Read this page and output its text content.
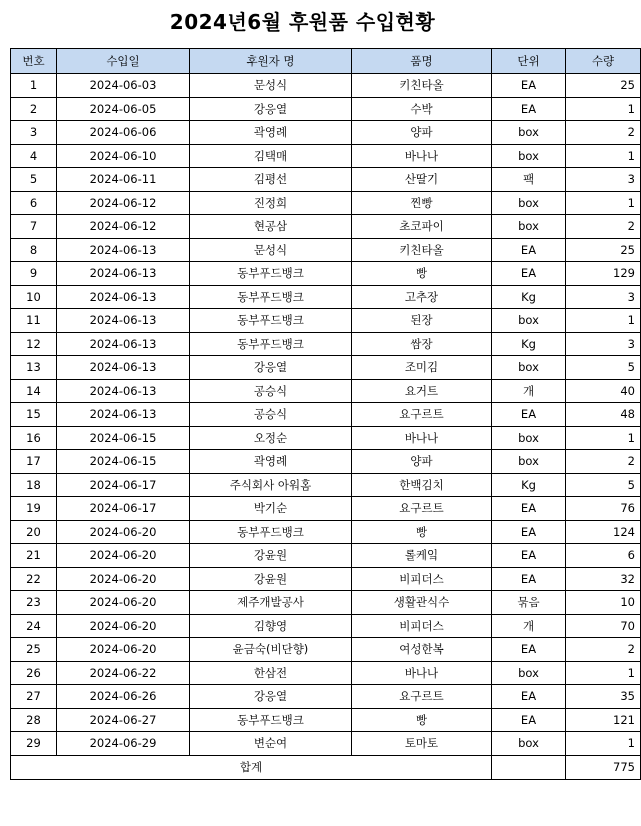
2024년6월 후원품 수입현황
번호	수입일	후원자 명	품명	단위	수량
1	2024-06-03	문성식	키친타올	EA	25
2	2024-06-05	강응열	수박	EA	1
3	2024-06-06	곽영례	양파	box	2
4	2024-06-10	김택매	바나나	box	1
5	2024-06-11	김평선	산딸기	팩	3
6	2024-06-12	진정희	찐빵	box	1
7	2024-06-12	현공삼	초코파이	box	2
8	2024-06-13	문성식	키친타올	EA	25
9	2024-06-13	동부푸드뱅크	빵	EA	129
10	2024-06-13	동부푸드뱅크	고추장	Kg	3
11	2024-06-13	동부푸드뱅크	된장	box	1
12	2024-06-13	동부푸드뱅크	쌈장	Kg	3
13	2024-06-13	강응열	조미김	box	5
14	2024-06-13	공승식	요거트	개	40
15	2024-06-13	공승식	요구르트	EA	48
16	2024-06-15	오정순	바나나	box	1
17	2024-06-15	곽영례	양파	box	2
18	2024-06-17	주식회사 아워홈	한백김치	Kg	5
19	2024-06-17	박기순	요구르트	EA	76
20	2024-06-20	동부푸드뱅크	빵	EA	124
21	2024-06-20	강윤원	롤케잌	EA	6
22	2024-06-20	강윤원	비피더스	EA	32
23	2024-06-20	제주개발공사	생활관식수	묶음	10
24	2024-06-20	김향영	비피더스	개	70
25	2024-06-20	윤금숙(비단향)	여성한복	EA	2
26	2024-06-22	한삼전	바나나	box	1
27	2024-06-26	강응열	요구르트	EA	35
28	2024-06-27	동부푸드뱅크	빵	EA	121
29	2024-06-29	변순여	토마토	box	1
합계					775
